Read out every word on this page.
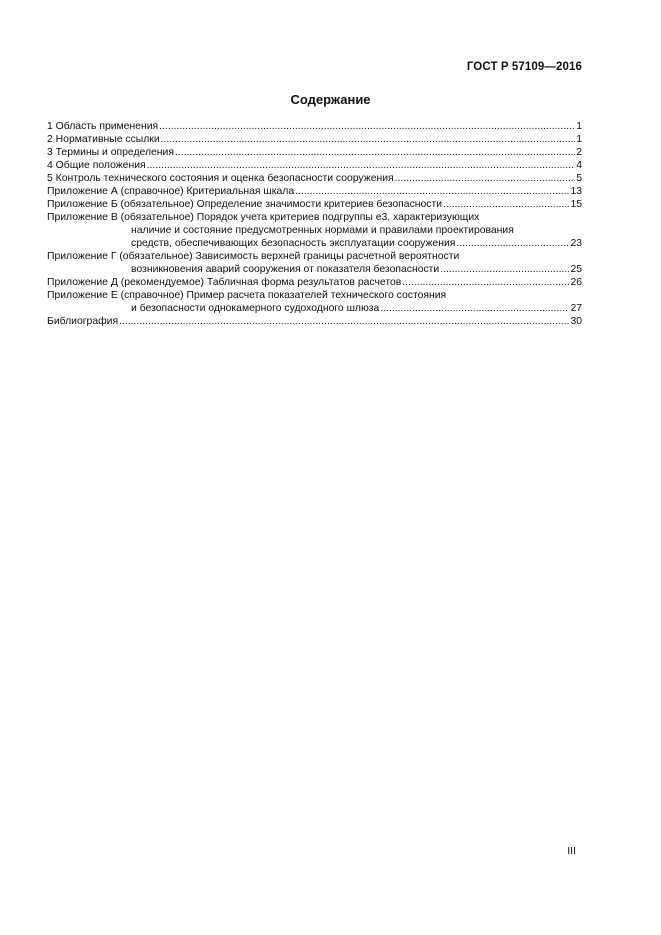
ГОСТ Р 57109—2016
Содержание
1 Область применения .....	1
2 Нормативные ссылки .....	1
3 Термины и определения .....	2
4 Общие положения .....	4
5 Контроль технического состояния и оценка безопасности сооружения .....	5
Приложение А (справочное) Критериальная шкала .....	13
Приложение Б (обязательное) Определение значимости критериев безопасности .....	15
Приложение В (обязательное) Порядок учета критериев подгруппы е3, характеризующих
наличие и состояние предусмотренных нормами и правилами проектирования
средств, обеспечивающих безопасность эксплуатации сооружения .....	23
Приложение Г (обязательное) Зависимость верхней границы расчетной вероятности
возникновения аварий сооружения от показателя безопасности .....	25
Приложение Д (рекомендуемое) Табличная форма результатов расчетов .....	26
Приложение Е (справочное) Пример расчета показателей технического состояния
и безопасности однокамерного судоходного шлюза .....	27
Библиография .....	30
III
